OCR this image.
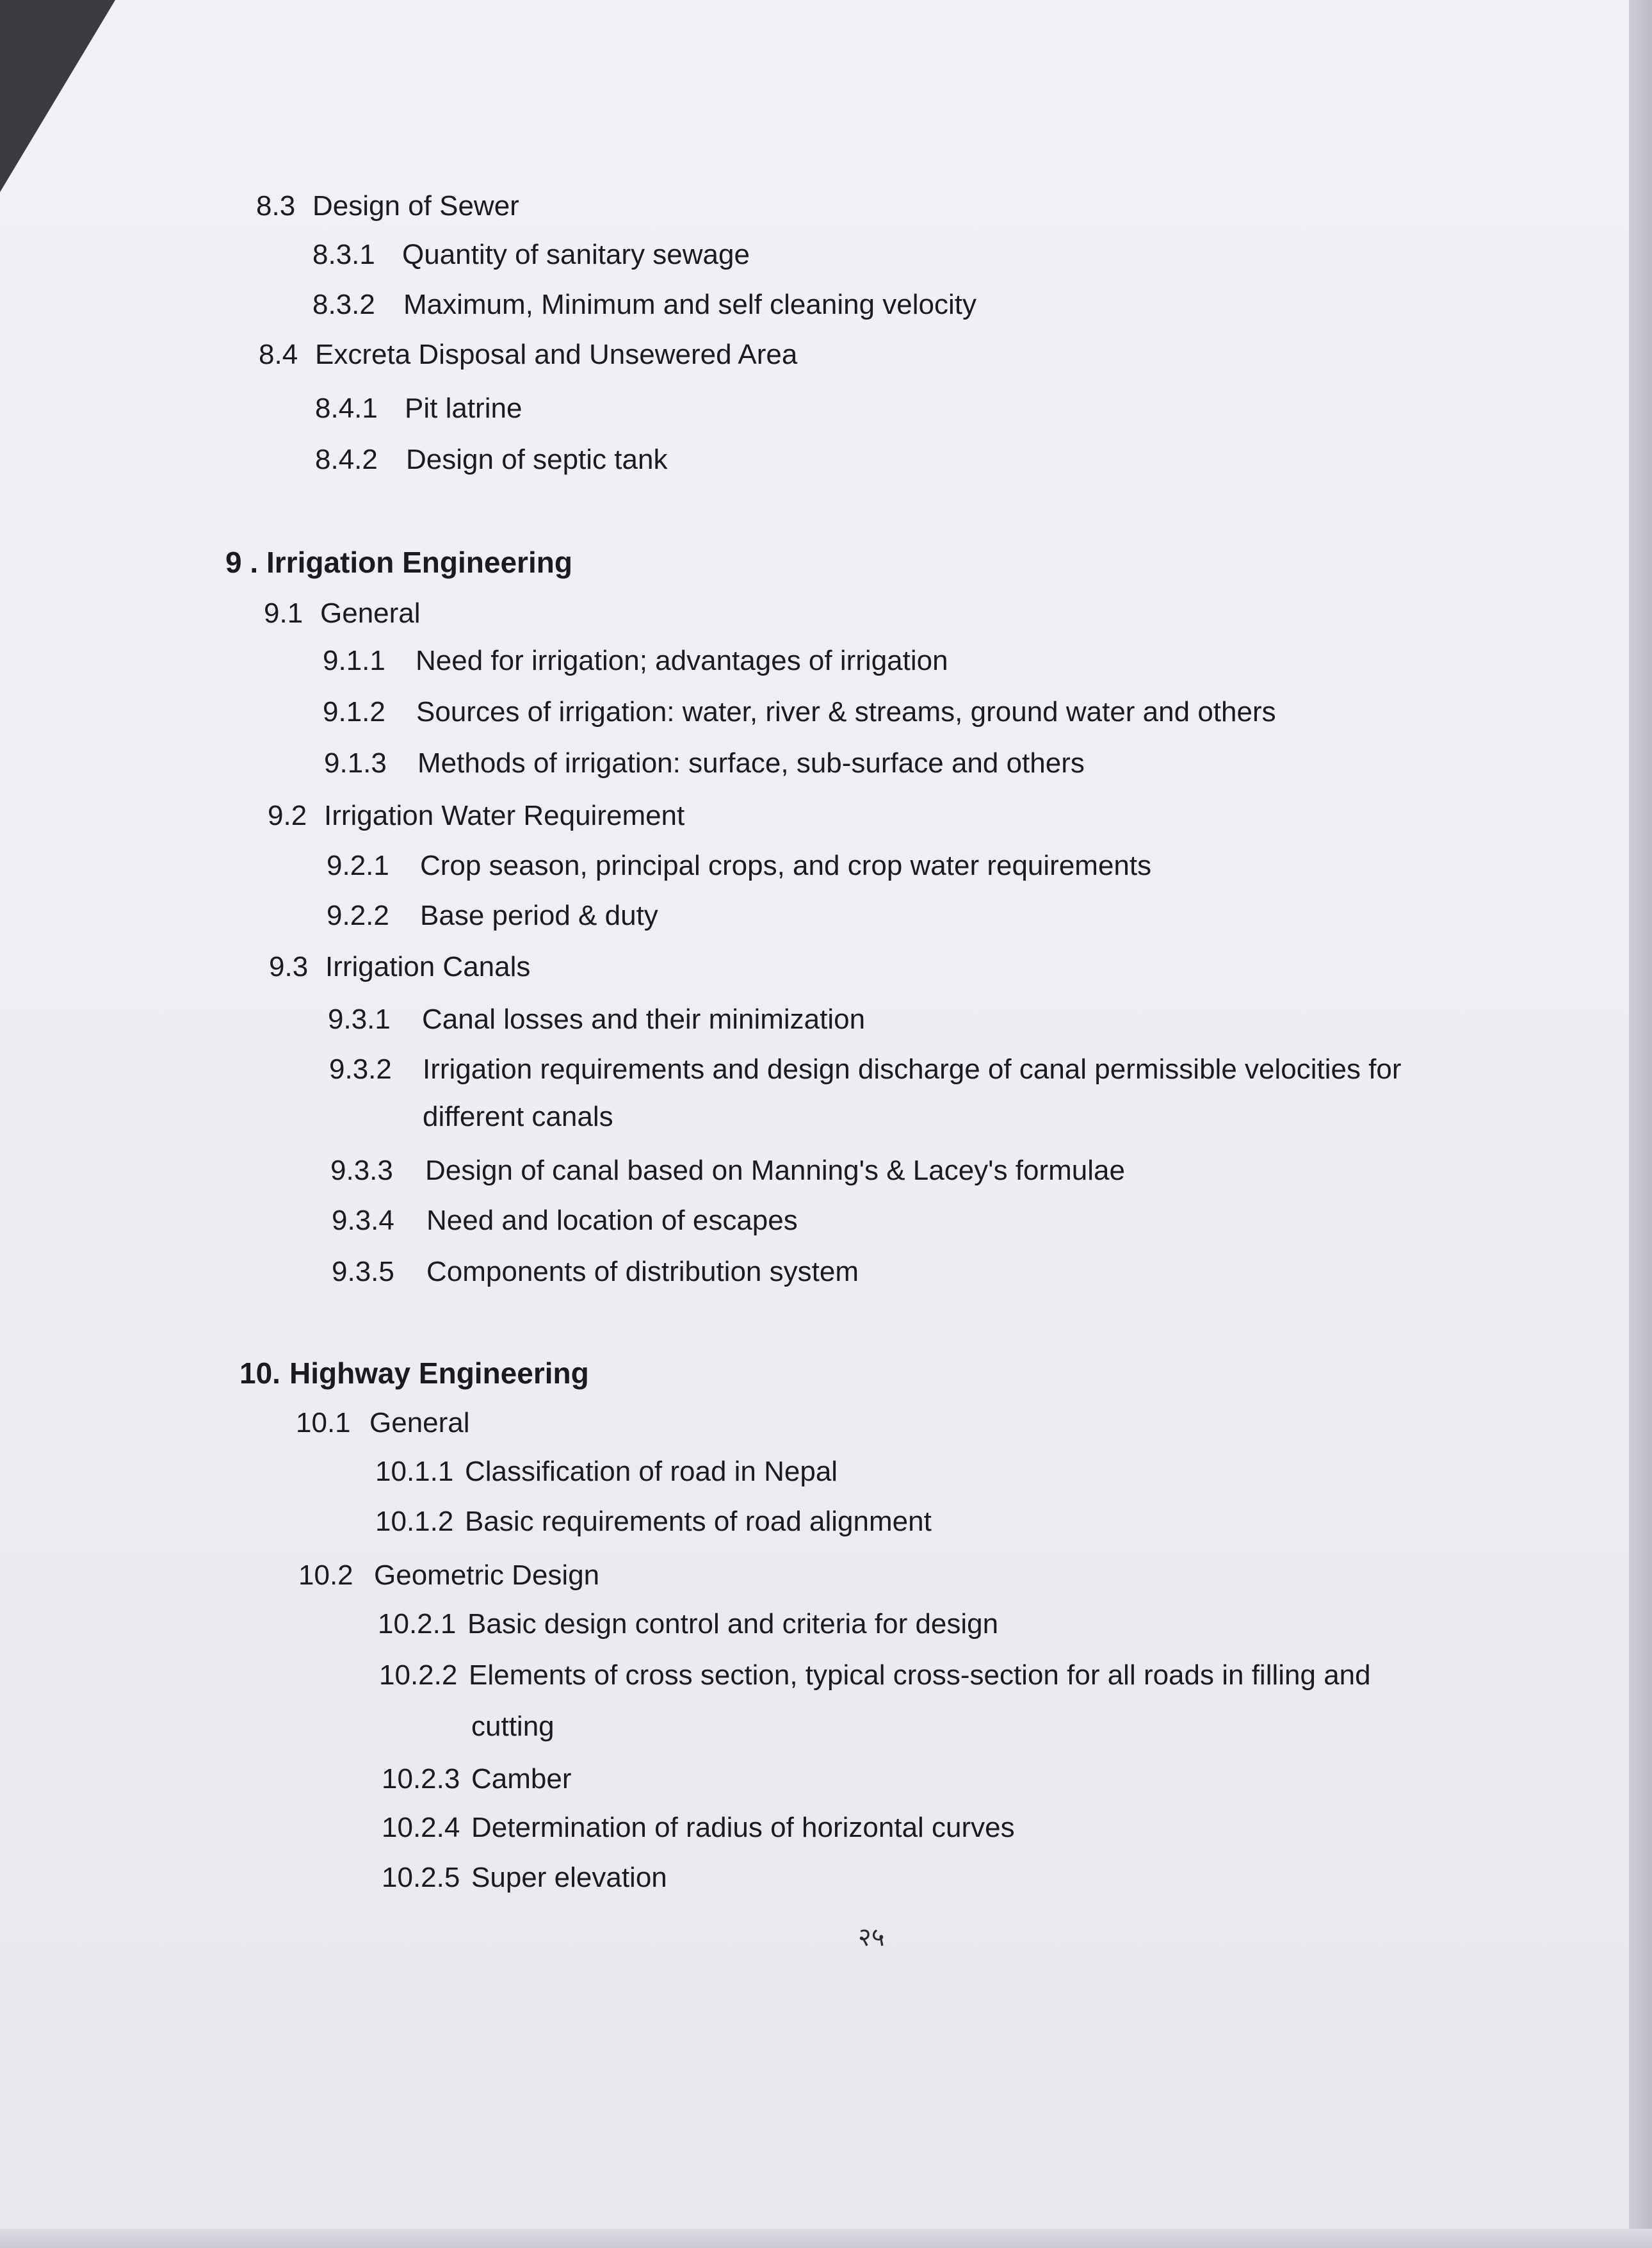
8.3 Design of Sewer
8.3.1 Quantity of sanitary sewage
8.3.2 Maximum, Minimum and self cleaning velocity
8.4 Excreta Disposal and Unsewered Area
8.4.1 Pit latrine
8.4.2 Design of septic tank
9 . Irrigation Engineering
9.1 General
9.1.1 Need for irrigation; advantages of irrigation
9.1.2 Sources of irrigation: water, river & streams, ground water and others
9.1.3 Methods of irrigation: surface, sub-surface and others
9.2 Irrigation Water Requirement
9.2.1 Crop season, principal crops, and crop water requirements
9.2.2 Base period & duty
9.3 Irrigation Canals
9.3.1 Canal losses and their minimization
9.3.2 Irrigation requirements and design discharge of canal permissible velocities for
different canals
9.3.3 Design of canal based on Manning's & Lacey's formulae
9.3.4 Need and location of escapes
9.3.5 Components of distribution system
10. Highway Engineering
10.1 General
10.1.1 Classification of road in Nepal
10.1.2 Basic requirements of road alignment
10.2 Geometric Design
10.2.1 Basic design control and criteria for design
10.2.2 Elements of cross section, typical cross-section for all roads in filling and
cutting
10.2.3 Camber
10.2.4 Determination of radius of horizontal curves
10.2.5 Super elevation
२५
